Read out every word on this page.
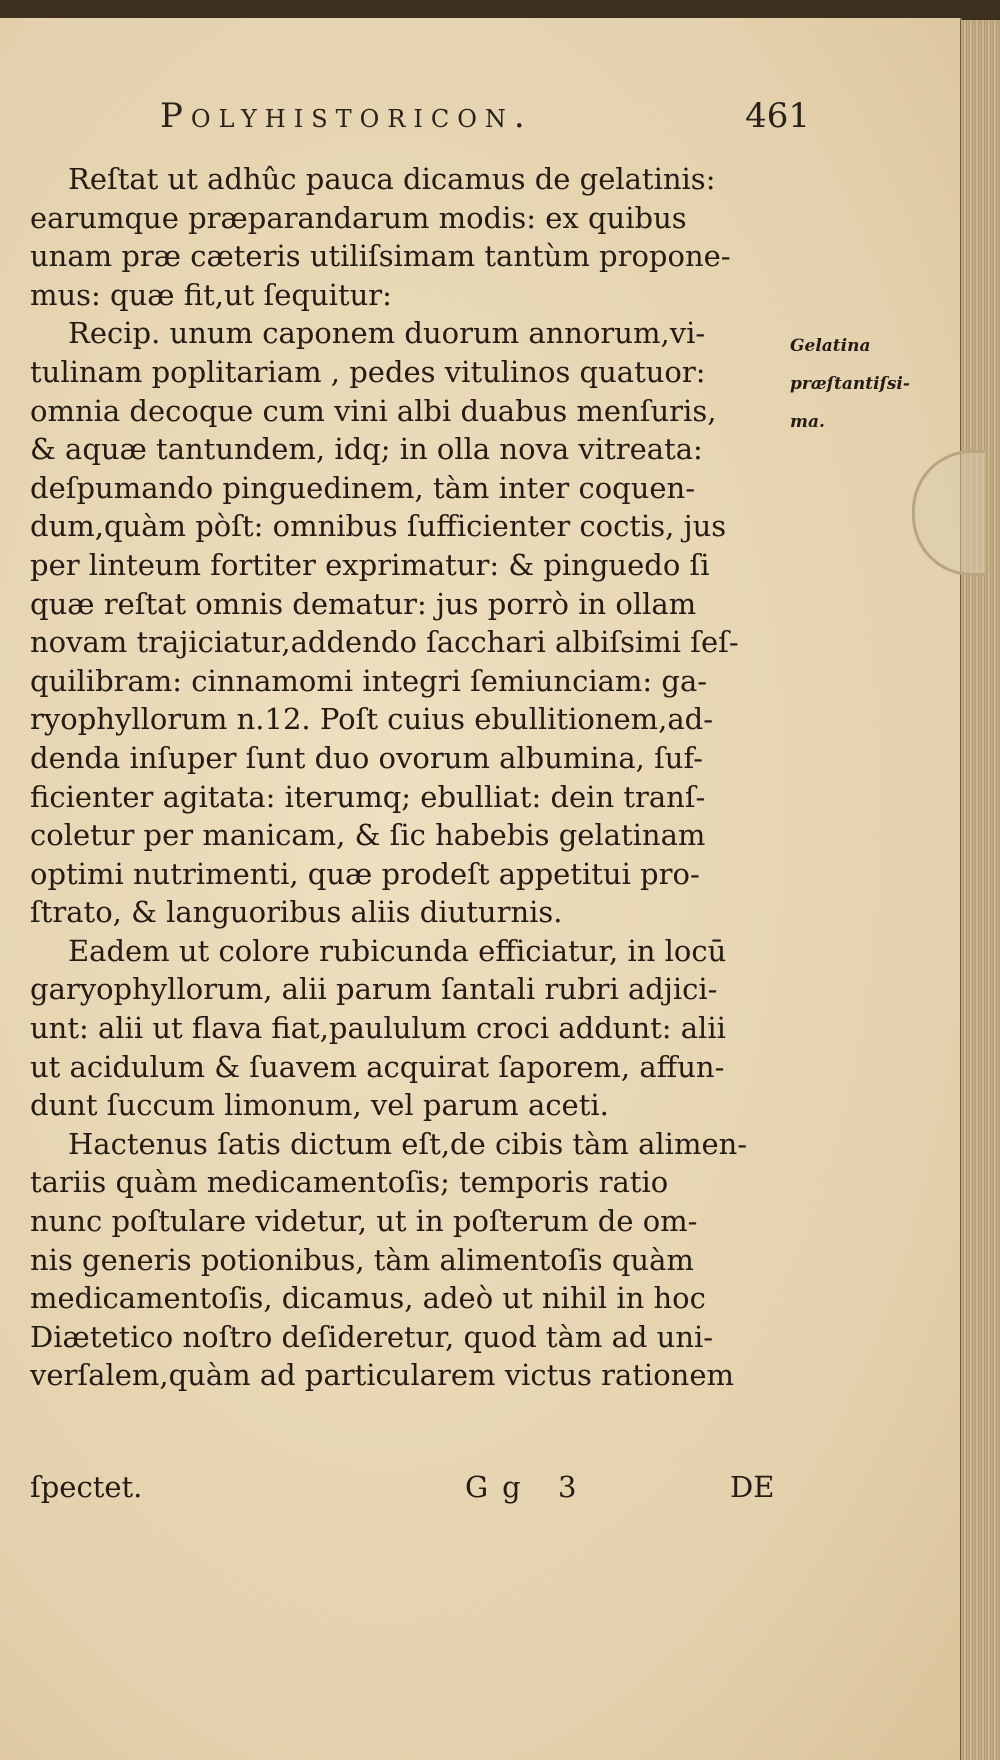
Polyhistoricon.	461
Reſtat ut adhûc pauca dicamus de gelatinis:
earumque præparandarum modis: ex quibus
unam præ cæteris utiliſsimam tantùm propone-
mus: quæ fit,ut ſequitur:
Recip. unum caponem duorum annorum,vi-
tulinam poplitariam , pedes vitulinos quatuor:
omnia decoque cum vini albi duabus menſuris,
& aquæ tantundem, idq; in olla nova vitreata:
deſpumando pinguedinem, tàm inter coquen-
dum,quàm pòſt: omnibus ſufficienter coctis, jus
per linteum fortiter exprimatur: & pinguedo ſi
quæ reſtat omnis dematur: jus porrò in ollam
novam trajiciatur,addendo ſacchari albiſsimi ſeſ-
quilibram: cinnamomi integri ſemiunciam: ga-
ryophyllorum n.12. Poſt cuius ebullitionem,ad-
denda inſuper ſunt duo ovorum albumina, ſuf-
ficienter agitata: iterumq; ebulliat: dein tranſ-
coletur per manicam, & ſic habebis gelatinam
optimi nutrimenti, quæ prodeſt appetitui pro-
ſtrato, & languoribus aliis diuturnis.
Eadem ut colore rubicunda efficiatur, in locū
garyophyllorum, alii parum ſantali rubri adjici-
unt: alii ut flava fiat,paululum croci addunt: alii
ut acidulum & ſuavem acquirat ſaporem, affun-
dunt ſuccum limonum, vel parum aceti.
Hactenus ſatis dictum eſt,de cibis tàm alimen-
tariis quàm medicamentoſis; temporis ratio
nunc poſtulare videtur, ut in poſterum de om-
nis generis potionibus, tàm alimentoſis quàm
medicamentoſis, dicamus, adeò ut nihil in hoc
Diætetico noſtro deſideretur, quod tàm ad uni-
verſalem,quàm ad particularem victus rationem
Gelatina
præſtantiſsi-
ma.
ſpectet.	Gg 3	DE
